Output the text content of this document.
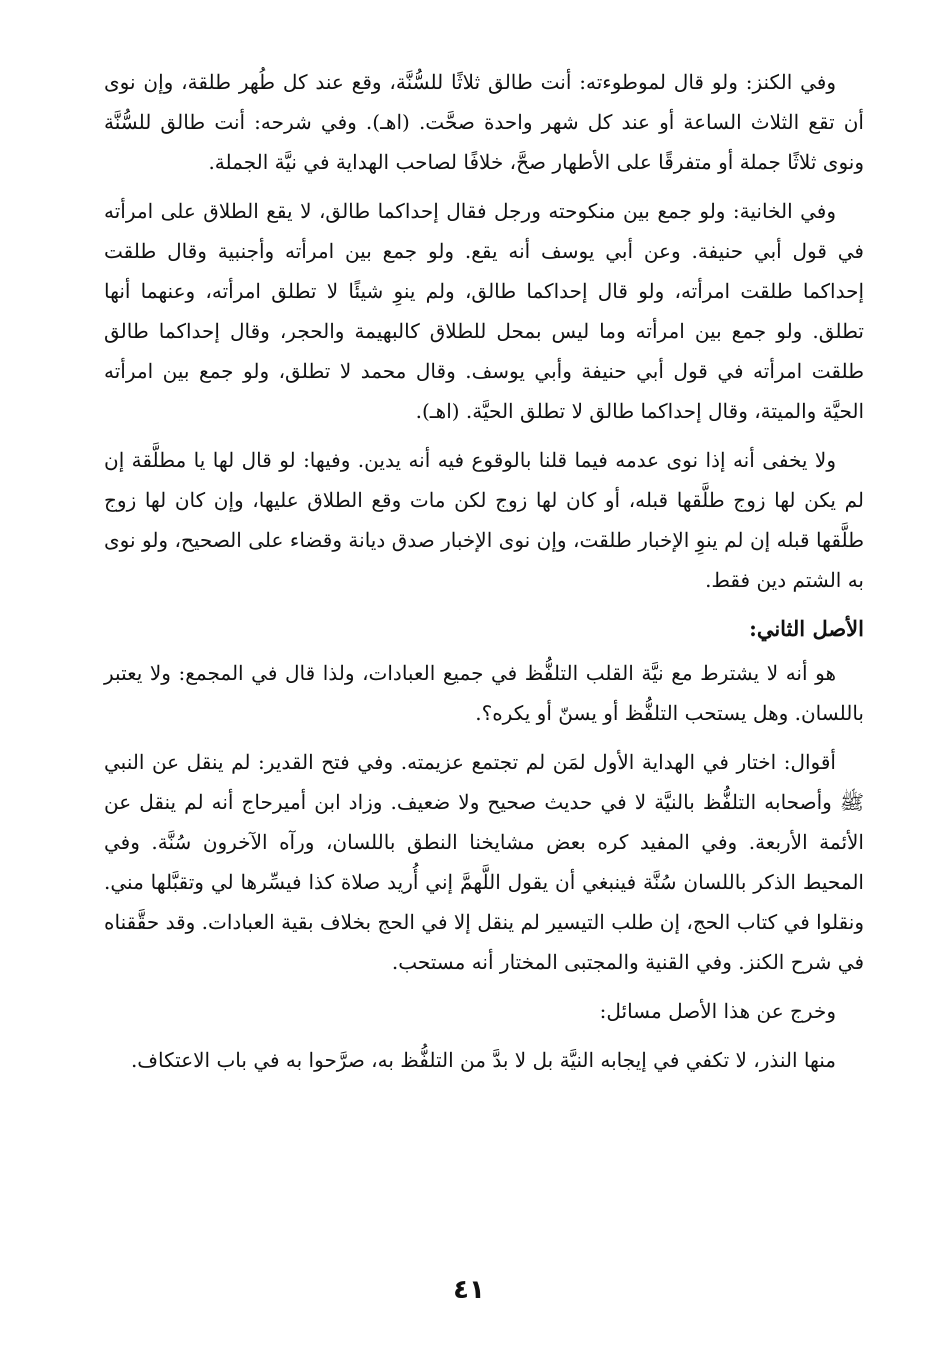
وفي الكنز: ولو قال لموطوءته: أنت طالق ثلاثًا للسُّنَّة، وقع عند كل طُهر طلقة، وإن نوى أن تقع الثلاث الساعة أو عند كل شهر واحدة صحَّت. (اهـ). وفي شرحه: أنت طالق للسُّنَّة ونوى ثلاثًا جملة أو متفرقًا على الأطهار صحَّ، خلافًا لصاحب الهداية في نيَّة الجملة.

وفي الخانية: ولو جمع بين منكوحته ورجل فقال إحداكما طالق، لا يقع الطلاق على امرأته في قول أبي حنيفة. وعن أبي يوسف أنه يقع. ولو جمع بين امرأته وأجنبية وقال طلقت إحداكما طلقت امرأته، ولو قال إحداكما طالق، ولم ينوِ شيئًا لا تطلق امرأته، وعنهما أنها تطلق. ولو جمع بين امرأته وما ليس بمحل للطلاق كالبهيمة والحجر، وقال إحداكما طالق طلقت امرأته في قول أبي حنيفة وأبي يوسف. وقال محمد لا تطلق، ولو جمع بين امرأته الحيَّة والميتة، وقال إحداكما طالق لا تطلق الحيَّة. (اهـ).

ولا يخفى أنه إذا نوى عدمه فيما قلنا بالوقوع فيه أنه يدين. وفيها: لو قال لها يا مطلَّقة إن لم يكن لها زوج طلَّقها قبله، أو كان لها زوج لكن مات وقع الطلاق عليها، وإن كان لها زوج طلَّقها قبله إن لم ينوِ الإخبار طلقت، وإن نوى الإخبار صدق ديانة وقضاء على الصحيح، ولو نوى به الشتم دين فقط.

الأصل الثاني:

هو أنه لا يشترط مع نيَّة القلب التلفُّظ في جميع العبادات، ولذا قال في المجمع: ولا يعتبر باللسان. وهل يستحب التلفُّظ أو يسنّ أو يكره؟.

أقوال: اختار في الهداية الأول لمَن لم تجتمع عزيمته. وفي فتح القدير: لم ينقل عن النبي ﷺ وأصحابه التلفُّظ بالنيَّة لا في حديث صحيح ولا ضعيف. وزاد ابن أميرحاج أنه لم ينقل عن الأئمة الأربعة. وفي المفيد كره بعض مشايخنا النطق باللسان، ورآه الآخرون سُنَّة. وفي المحيط الذكر باللسان سُنَّة فينبغي أن يقول اللَّهمَّ إني أُريد صلاة كذا فيسِّرها لي وتقبَّلها مني. ونقلوا في كتاب الحج، إن طلب التيسير لم ينقل إلا في الحج بخلاف بقية العبادات. وقد حقَّقناه في شرح الكنز. وفي القنية والمجتبى المختار أنه مستحب.

وخرج عن هذا الأصل مسائل:

منها النذر، لا تكفي في إيجابه النيَّة بل لا بدَّ من التلفُّظ به، صرَّحوا به في باب الاعتكاف.

٤١
